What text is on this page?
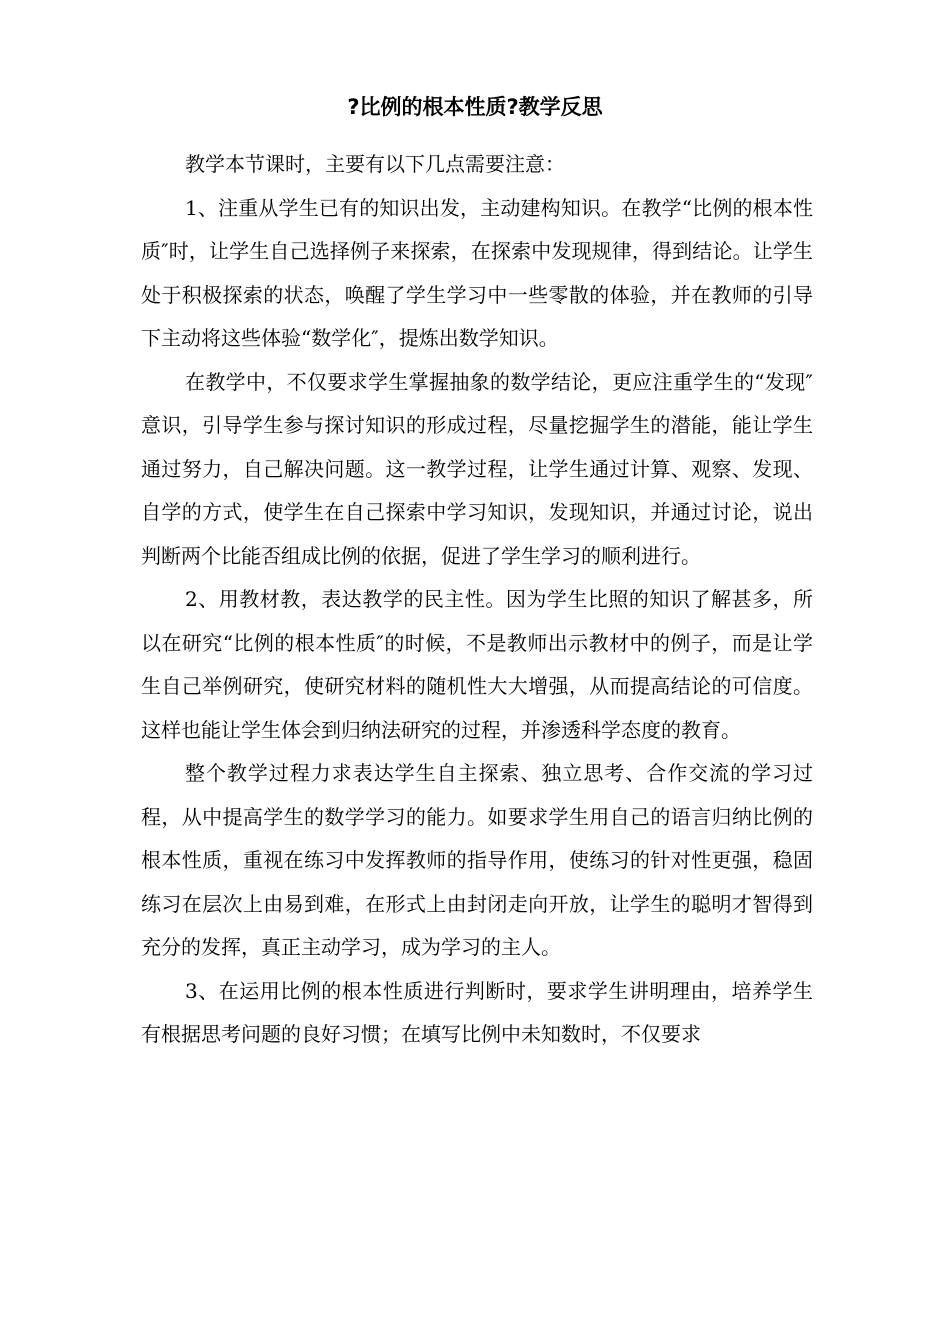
?比例的根本性质?教学反思

教学本节课时，主要有以下几点需要注意：

1、注重从学生已有的知识出发，主动建构知识。在教学“比例的根本性质″时，让学生自己选择例子来探索，在探索中发现规律，得到结论。让学生处于积极探索的状态，唤醒了学生学习中一些零散的体验，并在教师的引导下主动将这些体验“数学化″，提炼出数学知识。

在教学中，不仅要求学生掌握抽象的数学结论，更应注重学生的“发现″意识，引导学生参与探讨知识的形成过程，尽量挖掘学生的潜能，能让学生通过努力，自己解决问题。这一教学过程，让学生通过计算、观察、发现、自学的方式，使学生在自己探索中学习知识，发现知识，并通过讨论，说出判断两个比能否组成比例的依据，促进了学生学习的顺利进行。

2、用教材教，表达教学的民主性。因为学生比照的知识了解甚多，所以在研究“比例的根本性质″的时候，不是教师出示教材中的例子，而是让学生自己举例研究，使研究材料的随机性大大增强，从而提高结论的可信度。这样也能让学生体会到归纳法研究的过程，并渗透科学态度的教育。

整个教学过程力求表达学生自主探索、独立思考、合作交流的学习过程，从中提高学生的数学学习的能力。如要求学生用自己的语言归纳比例的根本性质，重视在练习中发挥教师的指导作用，使练习的针对性更强，稳固练习在层次上由易到难，在形式上由封闭走向开放，让学生的聪明才智得到充分的发挥，真正主动学习，成为学习的主人。

3、在运用比例的根本性质进行判断时，要求学生讲明理由，培养学生有根据思考问题的良好习惯；在填写比例中未知数时，不仅要求
